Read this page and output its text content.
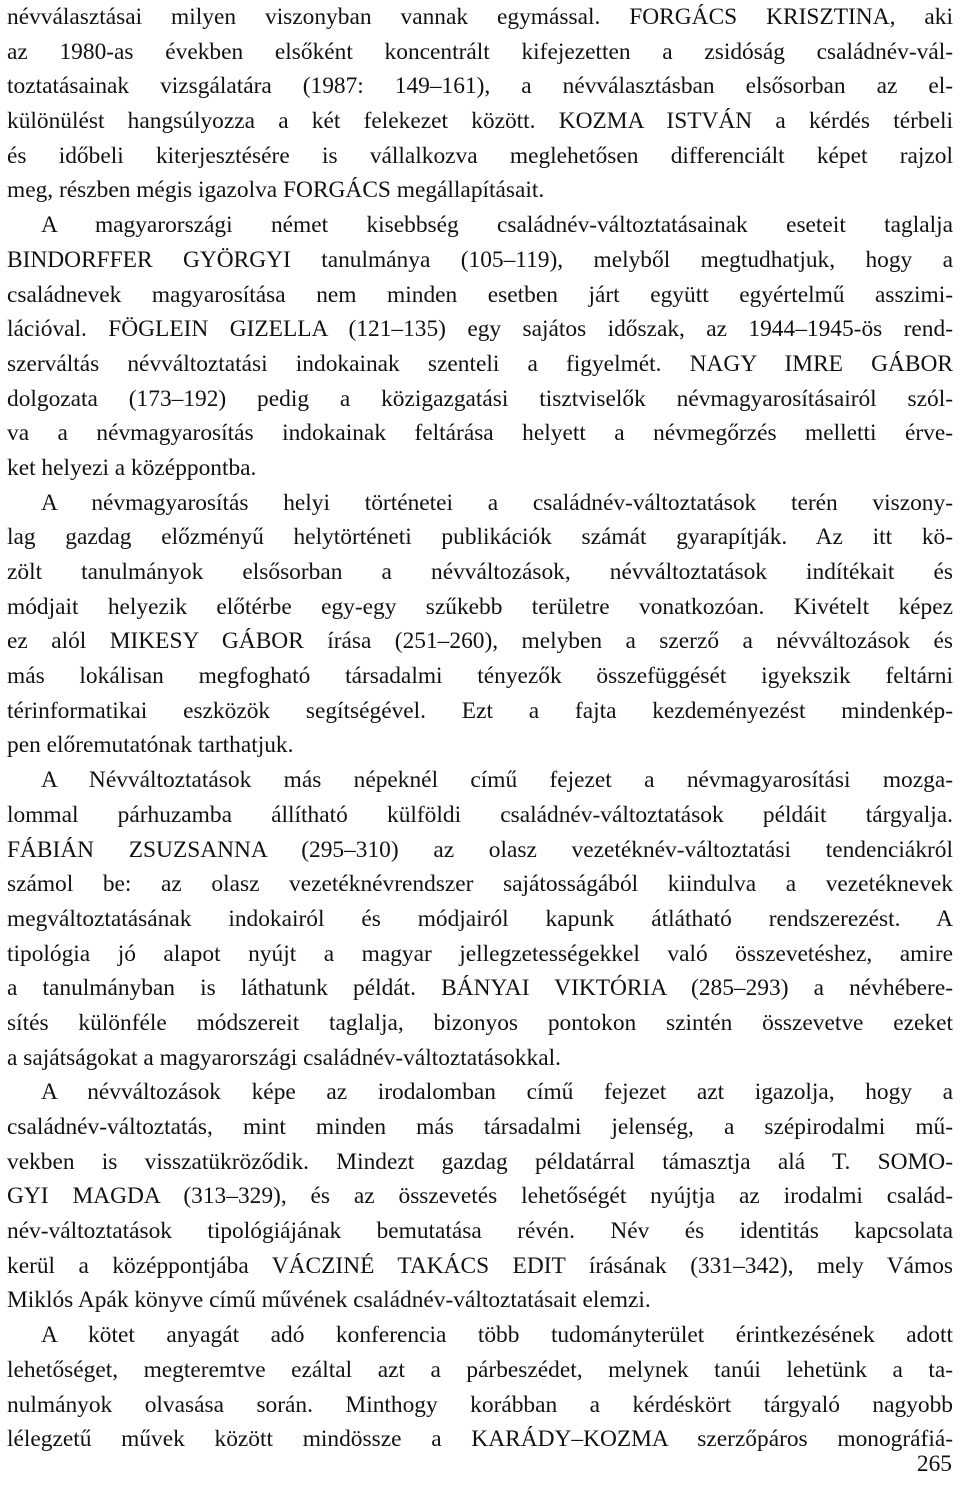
névválasztásai milyen viszonyban vannak egymással. FORGÁCS KRISZTINA, aki
az 1980-as években elsőként koncentrált kifejezetten a zsidóság családnév-vál-
toztatásainak vizsgálatára (1987: 149–161), a névválasztásban elsősorban az el-
különülést hangsúlyozza a két felekezet között. KOZMA ISTVÁN a kérdés térbeli
és időbeli kiterjesztésére is vállalkozva meglehetősen differenciált képet rajzol
meg, részben mégis igazolva FORGÁCS megállapításait.
A magyarországi német kisebbség családnév-változtatásainak eseteit taglalja
BINDORFFER GYÖRGYI tanulmánya (105–119), melyből megtudhatjuk, hogy a
családnevek magyarosítása nem minden esetben járt együtt egyértelmű asszimi-
lációval. FÖGLEIN GIZELLA (121–135) egy sajátos időszak, az 1944–1945-ös rend-
szerváltás névváltoztatási indokainak szenteli a figyelmét. NAGY IMRE GÁBOR
dolgozata (173–192) pedig a közigazgatási tisztviselők névmagyarosításairól szól-
va a névmagyarosítás indokainak feltárása helyett a névmegőrzés melletti érve-
ket helyezi a középpontba.
A névmagyarosítás helyi történetei a családnév-változtatások terén viszony-
lag gazdag előzményű helytörténeti publikációk számát gyarapítják. Az itt kö-
zölt tanulmányok elsősorban a névváltozások, névváltoztatások indítékait és
módjait helyezik előtérbe egy-egy szűkebb területre vonatkozóan. Kivételt képez
ez alól MIKESY GÁBOR írása (251–260), melyben a szerző a névváltozások és
más lokálisan megfogható társadalmi tényezők összefüggését igyekszik feltárni
térinformatikai eszközök segítségével. Ezt a fajta kezdeményezést mindenkép-
pen előremutatónak tarthatjuk.
A Névváltoztatások más népeknél című fejezet a névmagyarosítási mozga-
lommal párhuzamba állítható külföldi családnév-változtatások példáit tárgyalja.
FÁBIÁN ZSUZSANNA (295–310) az olasz vezetéknév-változtatási tendenciákról
számol be: az olasz vezetéknévrendszer sajátosságából kiindulva a vezetéknevek
megváltoztatásának indokairól és módjairól kapunk átlátható rendszerezést. A
tipológia jó alapot nyújt a magyar jellegzetességekkel való összevetéshez, amire
a tanulmányban is láthatunk példát. BÁNYAI VIKTÓRIA (285–293) a névhébere-
sítés különféle módszereit taglalja, bizonyos pontokon szintén összevetve ezeket
a sajátságokat a magyarországi családnév-változtatásokkal.
A névváltozások képe az irodalomban című fejezet azt igazolja, hogy a
családnév-változtatás, mint minden más társadalmi jelenség, a szépirodalmi mű-
vekben is visszatükröződik. Mindezt gazdag példatárral támasztja alá T. SOMO-
GYI MAGDA (313–329), és az összevetés lehetőségét nyújtja az irodalmi család-
név-változtatások tipológiájának bemutatása révén. Név és identitás kapcsolata
kerül a középpontjába VÁCZINÉ TAKÁCS EDIT írásának (331–342), mely Vámos
Miklós Apák könyve című művének családnév-változtatásait elemzi.
A kötet anyagát adó konferencia több tudományterület érintkezésének adott
lehetőséget, megteremtve ezáltal azt a párbeszédet, melynek tanúi lehetünk a ta-
nulmányok olvasása során. Minthogy korábban a kérdéskört tárgyaló nagyobb
lélegzetű művek között mindössze a KARÁDY–KOZMA szerzőpáros monográfiá-
265
